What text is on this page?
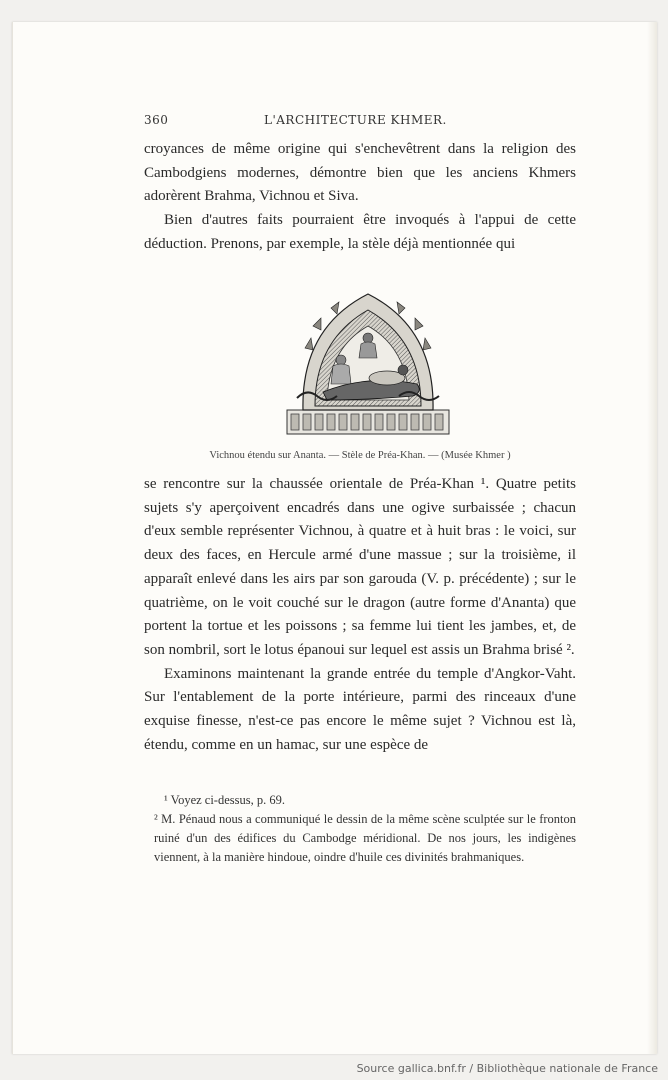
360	L'ARCHITECTURE KHMER.

croyances de même origine qui s'enchevêtrent dans la religion des Cambodgiens modernes, démontre bien que les anciens Khmers adorèrent Brahma, Vichnou et Siva.

Bien d'autres faits pourraient être invoqués à l'appui de cette déduction. Prenons, par exemple, la stèle déjà mentionnée qui

Vichnou étendu sur Ananta. — Stèle de Préa-Khan. — (Musée Khmer )

se rencontre sur la chaussée orientale de Préa-Khan ¹. Quatre petits sujets s'y aperçoivent encadrés dans une ogive surbaissée ; chacun d'eux semble représenter Vichnou, à quatre et à huit bras : le voici, sur deux des faces, en Hercule armé d'une massue ; sur la troisième, il apparaît enlevé dans les airs par son garouda (V. p. précédente) ; sur le quatrième, on le voit couché sur le dragon (autre forme d'Ananta) que portent la tortue et les poissons ; sa femme lui tient les jambes, et, de son nombril, sort le lotus épanoui sur lequel est assis un Brahma brisé ².

Examinons maintenant la grande entrée du temple d'Angkor-Vaht. Sur l'entablement de la porte intérieure, parmi des rinceaux d'une exquise finesse, n'est-ce pas encore le même sujet ? Vichnou est là, étendu, comme en un hamac, sur une espèce de

¹ Voyez ci-dessus, p. 69.

² M. Pénaud nous a communiqué le dessin de la même scène sculptée sur le fronton ruiné d'un des édifices du Cambodge méridional. De nos jours, les indigènes viennent, à la manière hindoue, oindre d'huile ces divinités brahmaniques.

Source gallica.bnf.fr / Bibliothèque nationale de France
